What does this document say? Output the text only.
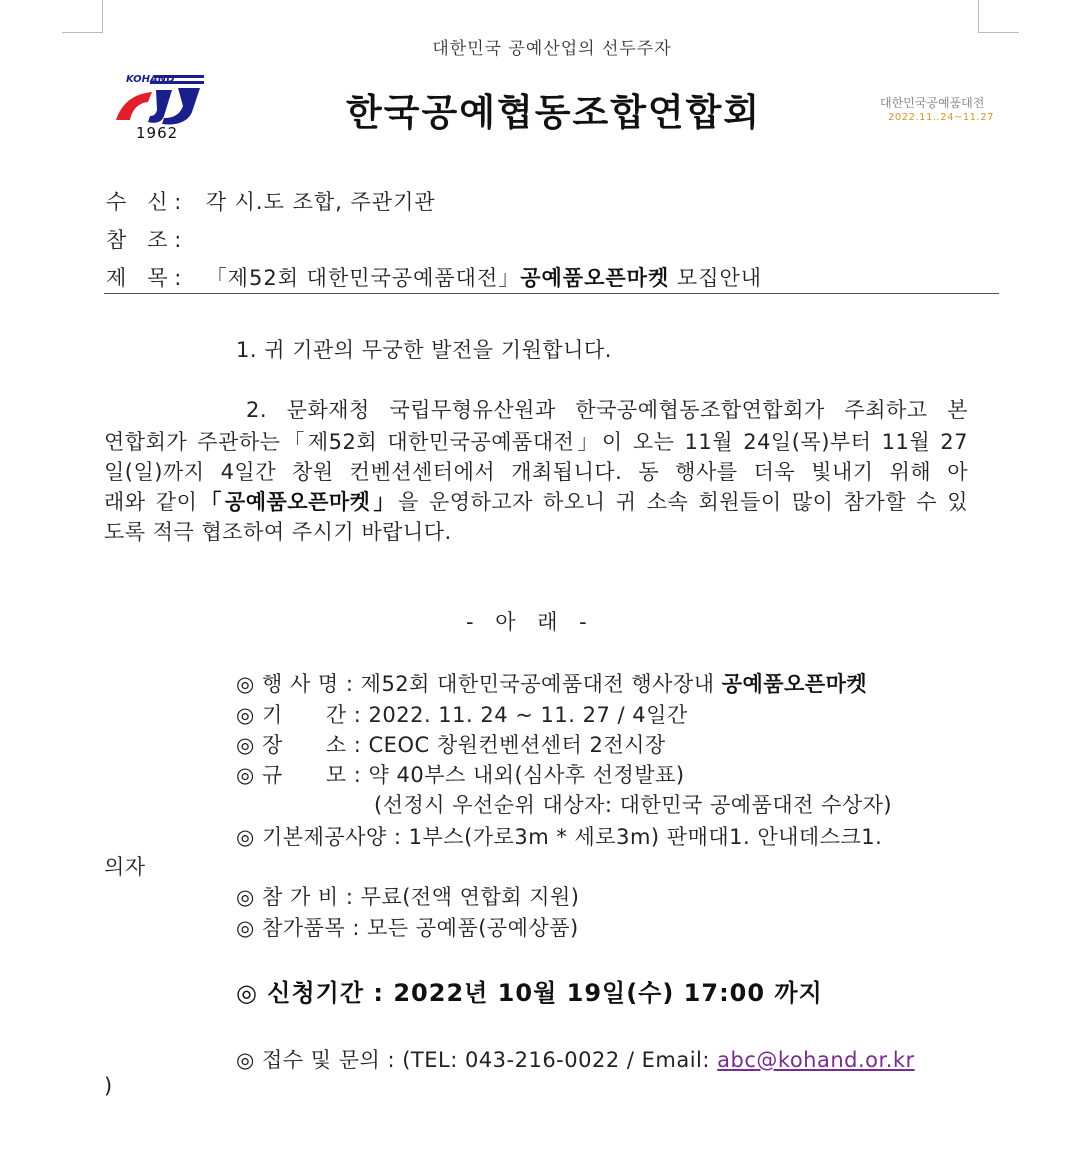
대한민국 공예산업의 선두주자
KOHAND
1962	한국공예협동조합연합회	대한민국공예품대전
2022.11..24~11.27
수　신 : 각 시.도 조합, 주관기관
참　조 :
제　목 : 「제52회 대한민국공예품대전」공예품오픈마켓 모집안내
1. 귀 기관의 무궁한 발전을 기원합니다.
2. 문화재청 국립무형유산원과 한국공예협동조합연합회가 주최하고 본
연합회가 주관하는「제52회 대한민국공예품대전」이 오는 11월 24일(목)부터 11월 27
일(일)까지 4일간 창원 컨벤션센터에서 개최됩니다. 동 행사를 더욱 빛내기 위해 아
래와 같이「공예품오픈마켓」을 운영하고자 하오니 귀 소속 회원들이 많이 참가할 수 있
도록 적극 협조하여 주시기 바랍니다.
- 아 래 -
◎ 행 사 명 : 제52회 대한민국공예품대전 행사장내 공예품오픈마켓
◎ 기　　간 : 2022. 11. 24 ~ 11. 27 / 4일간
◎ 장　　소 : CEOC 창원컨벤션센터 2전시장
◎ 규　　모 : 약 40부스 내외(심사후 선정발표)
(선정시 우선순위 대상자: 대한민국 공예품대전 수상자)
◎ 기본제공사양 : 1부스(가로3m * 세로3m) 판매대1. 안내데스크1.
의자
◎ 참 가 비 : 무료(전액 연합회 지원)
◎ 참가품목 : 모든 공예품(공예상품)
◎ 신청기간 : 2022년 10월 19일(수) 17:00 까지
◎ 접수 및 문의 : (TEL: 043-216-0022 / Email: abc@kohand.or.kr
)
